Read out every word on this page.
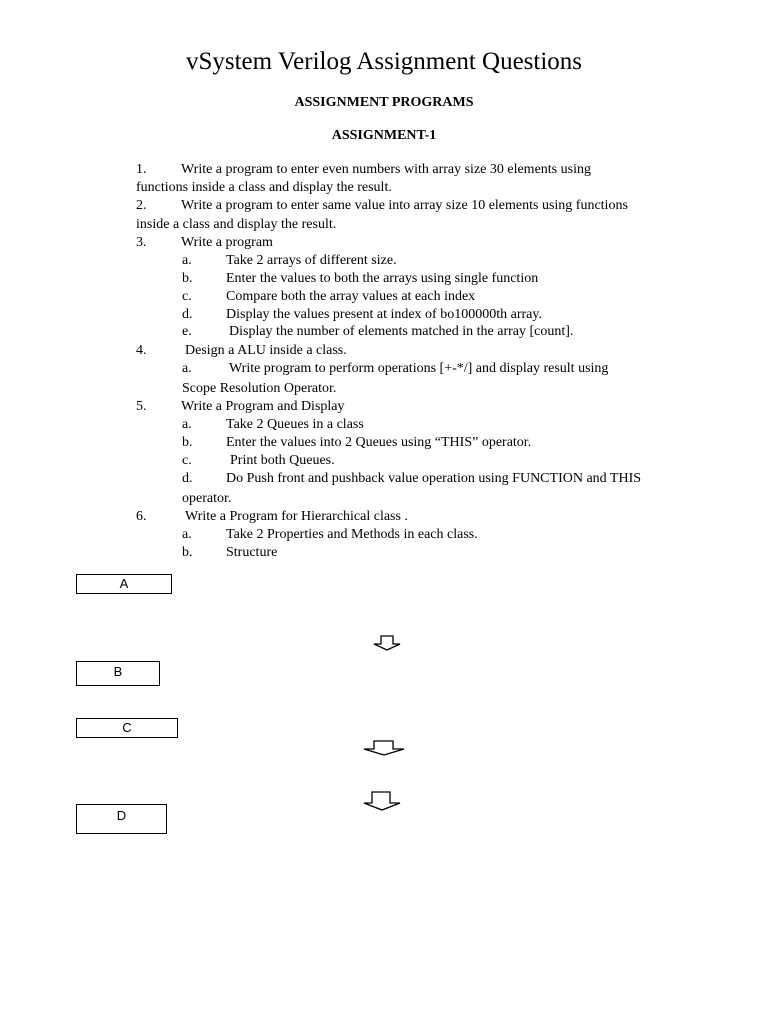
vSystem Verilog Assignment Questions
ASSIGNMENT PROGRAMS
ASSIGNMENT-1
1. Write a program to enter even numbers with array size 30 elements using
functions inside a class and display the result.
2. Write a program to enter same value into array size 10 elements using functions
inside a class and display the result.
3. Write a program
a. Take 2 arrays of different size.
b. Enter the values to both the arrays using single function
c. Compare both the array values at each index
d. Display the values present at index of bo100000th array.
e.	Display the number of elements matched in the array [count].
4.	Design a ALU inside a class.
a.	Write program to perform operations [+-*/] and display result using
Scope Resolution Operator.
5. Write a Program and Display
a. Take 2 Queues in a class
b. Enter the values into 2 Queues using “THIS” operator.
c.	Print both Queues.
d. Do Push front and pushback value operation using FUNCTION and THIS
operator.
6.	Write a Program for Hierarchical class .
a. Take 2 Properties and Methods in each class.
b. Structure
A
B
C
D
